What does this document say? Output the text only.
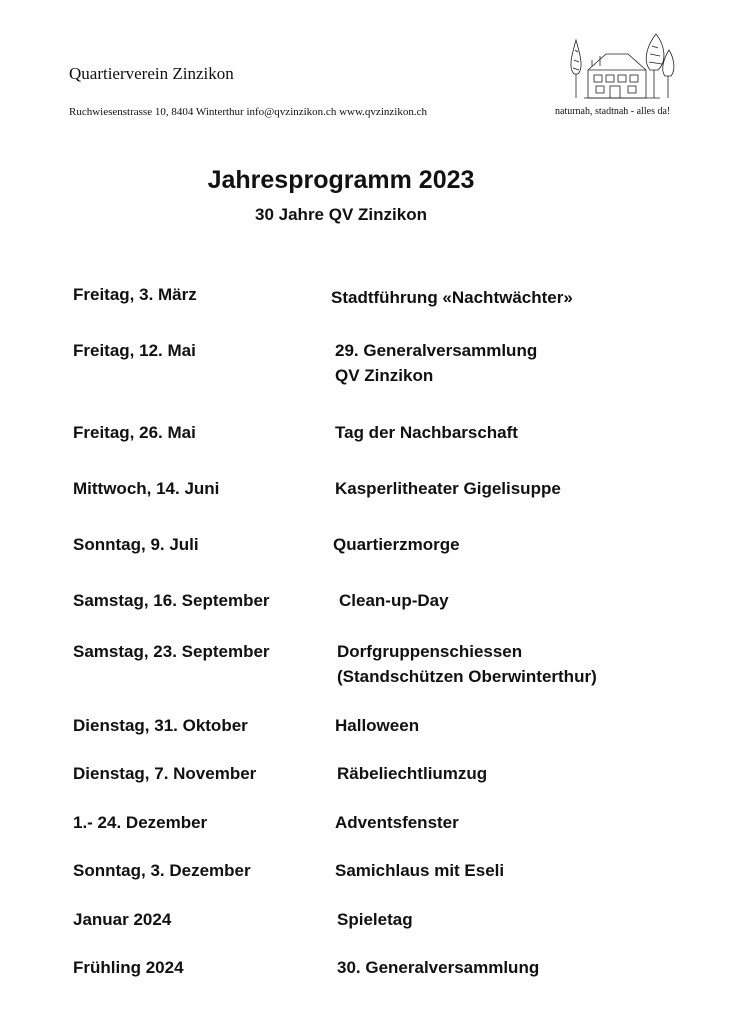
Quartierverein Zinzikon
Ruchwiesenstrasse 10, 8404 Winterthur info@qvzinzikon.ch www.qvzinzikon.ch	naturnah, stadtnah - alles da!
Jahresprogramm 2023
30 Jahre QV Zinzikon
Freitag, 3. März	Stadtführung «Nachtwächter»
Freitag, 12. Mai	29. Generalversammlung
QV Zinzikon
Freitag, 26. Mai	Tag der Nachbarschaft
Mittwoch, 14. Juni	Kasperlitheater Gigelisuppe
Sonntag, 9. Juli	Quartierzmorge
Samstag, 16. September	Clean-up-Day
Samstag, 23. September	Dorfgruppenschiessen
(Standschützen Oberwinterthur)
Dienstag, 31. Oktober	Halloween
Dienstag, 7. November	Räbeliechtliumzug
1.- 24. Dezember	Adventsfenster
Sonntag, 3. Dezember	Samichlaus mit Eseli
Januar 2024	Spieletag
Frühling 2024	30. Generalversammlung
